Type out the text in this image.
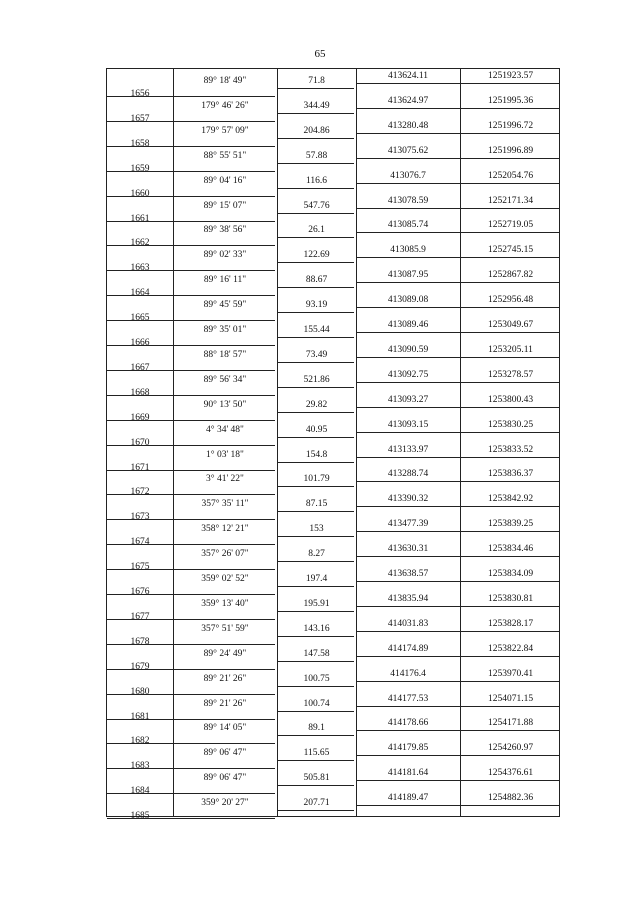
65
1656
89° 18' 49"	71.8	413624.11	1251923.57
1657
179° 46' 26"	344.49	413624.97	1251995.36
1658
179° 57' 09"	204.86	413280.48	1251996.72
1659
88° 55' 51"	57.88	413075.62	1251996.89
1660
89° 04' 16"	116.6	413076.7	1252054.76
1661
89° 15' 07"	547.76	413078.59	1252171.34
1662
89° 38' 56"	26.1	413085.74	1252719.05
1663
89° 02' 33"	122.69	413085.9	1252745.15
1664
89° 16' 11"	88.67	413087.95	1252867.82
1665
89° 45' 59"	93.19	413089.08	1252956.48
1666
89° 35' 01"	155.44	413089.46	1253049.67
1667
88° 18' 57"	73.49	413090.59	1253205.11
1668
89° 56' 34"	521.86	413092.75	1253278.57
1669
90° 13' 50"	29.82	413093.27	1253800.43
1670
4° 34' 48"	40.95	413093.15	1253830.25
1671
1° 03' 18"	154.8	413133.97	1253833.52
1672
3° 41' 22"	101.79	413288.74	1253836.37
1673
357° 35' 11"	87.15	413390.32	1253842.92
1674
358° 12' 21"	153	413477.39	1253839.25
1675
357° 26' 07"	8.27	413630.31	1253834.46
1676
359° 02' 52"	197.4	413638.57	1253834.09
1677
359° 13' 40"	195.91	413835.94	1253830.81
1678
357° 51' 59"	143.16	414031.83	1253828.17
1679
89° 24' 49"	147.58	414174.89	1253822.84
1680
89° 21' 26"	100.75	414176.4	1253970.41
1681
89° 21' 26"	100.74	414177.53	1254071.15
1682
89° 14' 05"	89.1	414178.66	1254171.88
1683
89° 06' 47"	115.65	414179.85	1254260.97
1684
89° 06' 47"	505.81	414181.64	1254376.61
1685
359° 20' 27"	207.71	414189.47	1254882.36
